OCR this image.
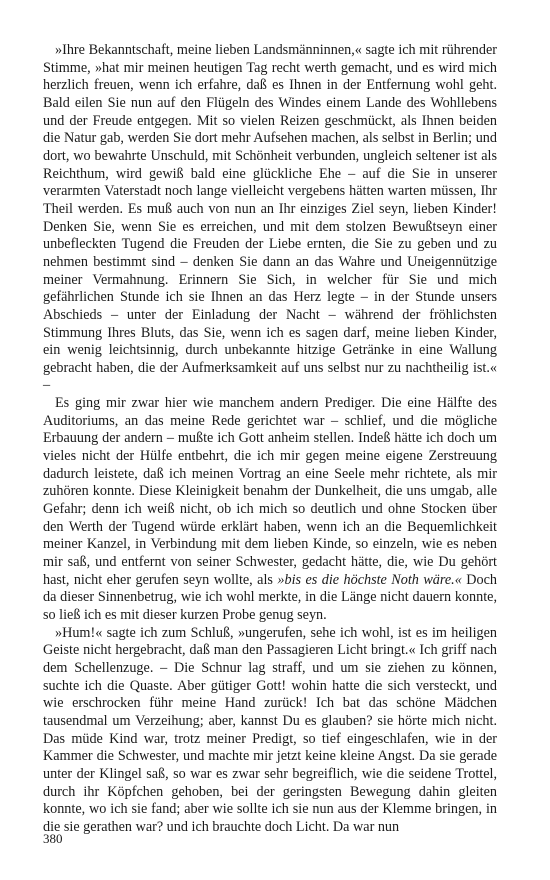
»Ihre Bekanntschaft, meine lieben Landsmänninnen,« sagte ich mit rührender Stimme, »hat mir meinen heutigen Tag recht werth gemacht, und es wird mich herzlich freuen, wenn ich erfahre, daß es Ihnen in der Entfernung wohl geht. Bald eilen Sie nun auf den Flügeln des Windes einem Lande des Wohllebens und der Freude entgegen. Mit so vielen Reizen geschmückt, als Ihnen beiden die Natur gab, werden Sie dort mehr Aufsehen machen, als selbst in Berlin; und dort, wo bewahrte Unschuld, mit Schönheit verbunden, ungleich seltener ist als Reichthum, wird gewiß bald eine glückliche Ehe – auf die Sie in unserer verarmten Vaterstadt noch lange vielleicht vergebens hätten warten müssen, Ihr Theil werden. Es muß auch von nun an Ihr einziges Ziel seyn, lieben Kinder! Denken Sie, wenn Sie es erreichen, und mit dem stolzen Bewußtseyn einer unbefleckten Tugend die Freuden der Liebe ernten, die Sie zu geben und zu nehmen bestimmt sind – denken Sie dann an das Wahre und Uneigennützige meiner Vermahnung. Erinnern Sie Sich, in welcher für Sie und mich gefährlichen Stunde ich sie Ihnen an das Herz legte – in der Stunde unsers Abschieds – unter der Einladung der Nacht – während der fröhlichsten Stimmung Ihres Bluts, das Sie, wenn ich es sagen darf, meine lieben Kinder, ein wenig leichtsinnig, durch unbekannte hitzige Getränke in eine Wallung gebracht haben, die der Aufmerksamkeit auf uns selbst nur zu nachtheilig ist.« –

Es ging mir zwar hier wie manchem andern Prediger. Die eine Hälfte des Auditoriums, an das meine Rede gerichtet war – schlief, und die mögliche Erbauung der andern – mußte ich Gott anheim stellen. Indeß hätte ich doch um vieles nicht der Hülfe entbehrt, die ich mir gegen meine eigene Zerstreuung dadurch leistete, daß ich meinen Vortrag an eine Seele mehr richtete, als mir zuhören konnte. Diese Kleinigkeit benahm der Dunkelheit, die uns umgab, alle Gefahr; denn ich weiß nicht, ob ich mich so deutlich und ohne Stocken über den Werth der Tugend würde erklärt haben, wenn ich an die Bequemlichkeit meiner Kanzel, in Verbindung mit dem lieben Kinde, so einzeln, wie es neben mir saß, und entfernt von seiner Schwester, gedacht hätte, die, wie Du gehört hast, nicht eher gerufen seyn wollte, als »bis es die höchste Noth wäre.« Doch da dieser Sinnenbetrug, wie ich wohl merkte, in die Länge nicht dauern konnte, so ließ ich es mit dieser kurzen Probe genug seyn.

»Hum!« sagte ich zum Schluß, »ungerufen, sehe ich wohl, ist es im heiligen Geiste nicht hergebracht, daß man den Passagieren Licht bringt.« Ich griff nach dem Schellenzuge. – Die Schnur lag straff, und um sie ziehen zu können, suchte ich die Quaste. Aber gütiger Gott! wohin hatte die sich versteckt, und wie erschrocken führ meine Hand zurück! Ich bat das schöne Mädchen tausendmal um Verzeihung; aber, kannst Du es glauben? sie hörte mich nicht. Das müde Kind war, trotz meiner Predigt, so tief eingeschlafen, wie in der Kammer die Schwester, und machte mir jetzt keine kleine Angst. Da sie gerade unter der Klingel saß, so war es zwar sehr begreiflich, wie die seidene Trottel, durch ihr Köpfchen gehoben, bei der geringsten Bewegung dahin gleiten konnte, wo ich sie fand; aber wie sollte ich sie nun aus der Klemme bringen, in die sie gerathen war? und ich brauchte doch Licht. Da war nun

380
